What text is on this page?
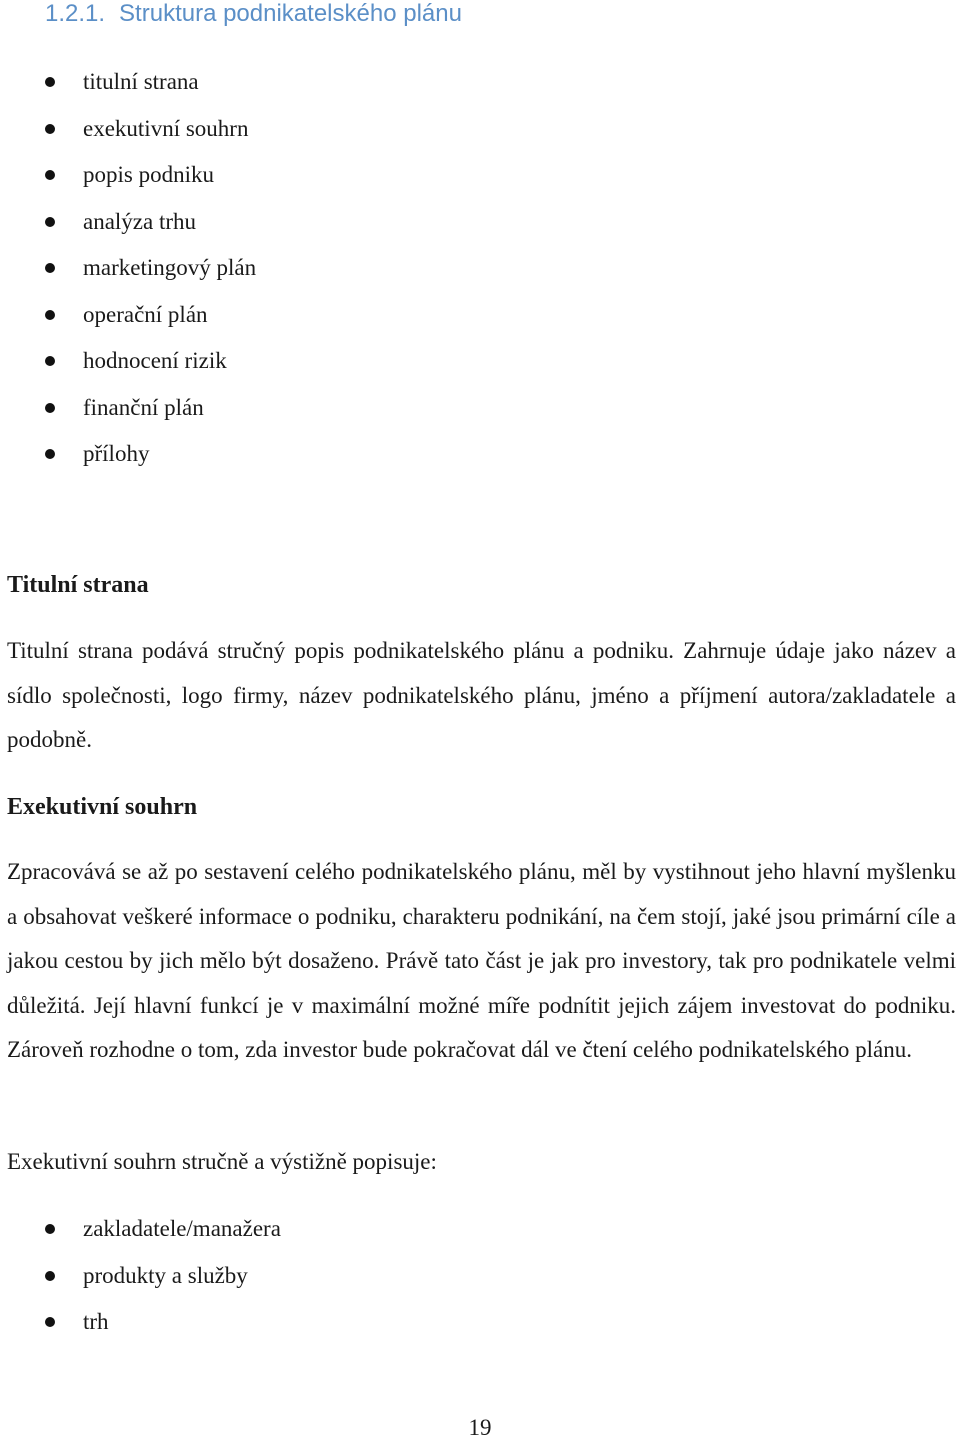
1.2.1. Struktura podnikatelského plánu
titulní strana
exekutivní souhrn
popis podniku
analýza trhu
marketingový plán
operační plán
hodnocení rizik
finanční plán
přílohy
Titulní strana

Titulní strana podává stručný popis podnikatelského plánu a podniku. Zahrnuje údaje jako název a sídlo společnosti, logo firmy, název podnikatelského plánu, jméno a příjmení autora/zakladatele a podobně.

Exekutivní souhrn

Zpracovává se až po sestavení celého podnikatelského plánu, měl by vystihnout jeho hlavní myšlenku a obsahovat veškeré informace o podniku, charakteru podnikání, na čem stojí, jaké jsou primární cíle a jakou cestou by jich mělo být dosaženo. Právě tato část je jak pro investory, tak pro podnikatele velmi důležitá. Její hlavní funkcí je v maximální možné míře podnítit jejich zájem investovat do podniku. Zároveň rozhodne o tom, zda investor bude pokračovat dál ve čtení celého podnikatelského plánu.

Exekutivní souhrn stručně a výstižně popisuje:
zakladatele/manažera
produkty a služby
trh
19
